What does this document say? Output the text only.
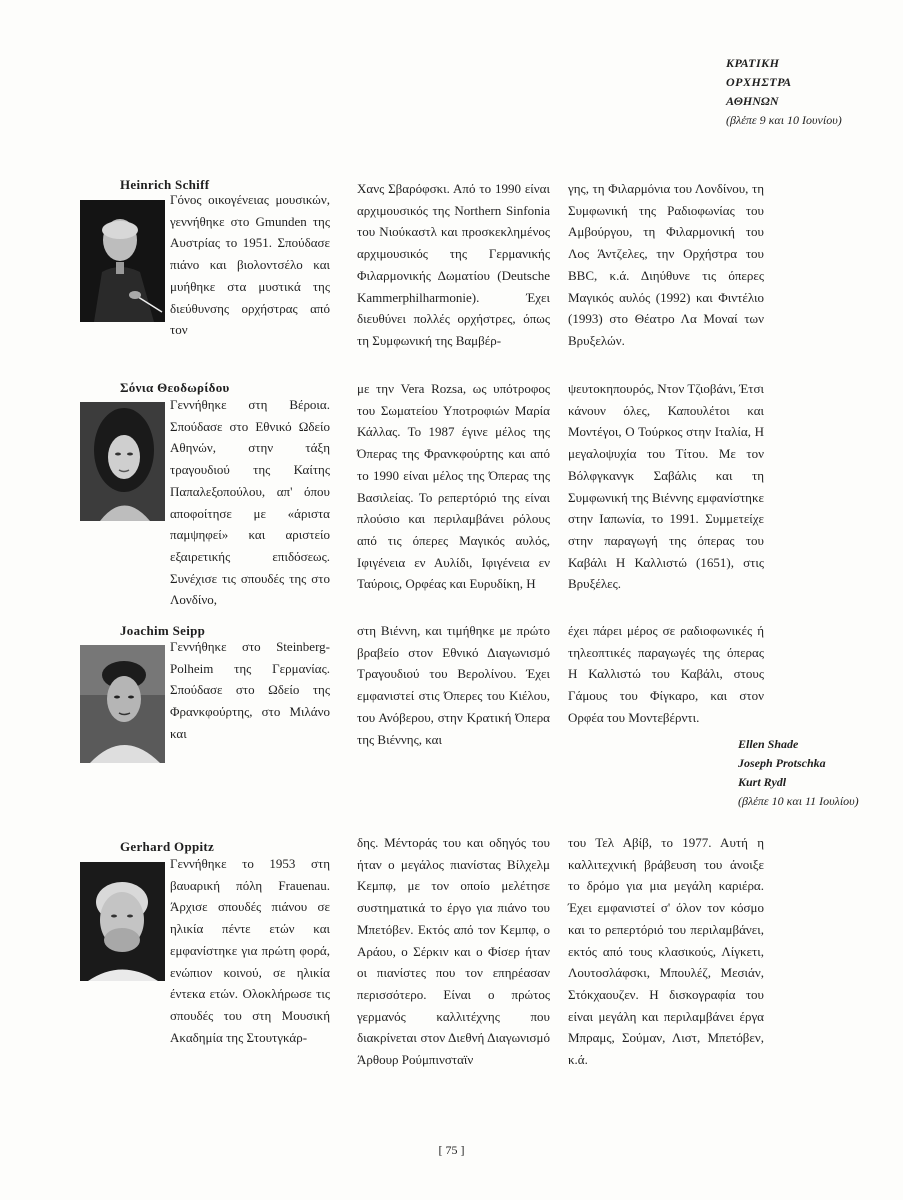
ΚΡΑΤΙΚΗ ΟΡΧΗΣΤΡΑ
ΑΘΗΝΩΝ
(βλέπε 9 και 10 Ιουνίου)
Heinrich Schiff

Γόνος οικογένειας μουσικών, γεννήθηκε στο Gmunden της Αυστρίας το 1951. Σπούδασε πιάνο και βιολοντσέλο και μυήθηκε στα μυστικά της διεύθυνσης ορχήστρας από τον

Χανς Σβαρόφσκι. Από το 1990 είναι αρχιμουσικός της Northern Sinfonia του Νιούκαστλ και προσκεκλημένος αρχιμουσικός της Γερμανικής Φιλαρμονικής Δωματίου (Deutsche Kammerphilharmonie). Έχει διευθύνει πολλές ορχήστρες, όπως τη Συμφωνική της Βαμβέρ-

γης, τη Φιλαρμόνια του Λονδίνου, τη Συμφωνική της Ραδιοφωνίας του Αμβούργου, τη Φιλαρμονική του Λος Άντζελες, την Ορχήστρα του BBC, κ.ά. Διηύθυνε τις όπερες Μαγικός αυλός (1992) και Φιντέλιο (1993) στο Θέατρο Λα Μοναί των Βρυξελών.

Σόνια Θεοδωρίδου

Γεννήθηκε στη Βέροια. Σπούδασε στο Εθνικό Ωδείο Αθηνών, στην τάξη τραγουδιού της Καίτης Παπαλεξοπούλου, απ' όπου αποφοίτησε με «άριστα παμψηφεί» και αριστείο εξαιρετικής επιδόσεως. Συνέχισε τις σπουδές της στο Λονδίνο,

με την Vera Rozsa, ως υπότροφος του Σωματείου Υποτροφιών Μαρία Κάλλας. Το 1987 έγινε μέλος της Όπερας της Φρανκφούρτης και από το 1990 είναι μέλος της Όπερας της Βασιλείας. Το ρεπερτόριό της είναι πλούσιο και περιλαμβάνει ρόλους από τις όπερες Μαγικός αυλός, Ιφιγένεια εν Αυλίδι, Ιφιγένεια εν Ταύροις, Ορφέας και Ευρυδίκη, Η

ψευτοκηπουρός, Ντον Τζιοβάνι, Έτσι κάνουν όλες, Καπουλέτοι και Μοντέγοι, Ο Τούρκος στην Ιταλία, Η μεγαλοψυχία του Τίτου. Με τον Βόλφγκανγκ Σαβάλις και τη Συμφωνική της Βιέννης εμφανίστηκε στην Ιαπωνία, το 1991. Συμμετείχε στην παραγωγή της όπερας του Καβάλι Η Καλλιστώ (1651), στις Βρυξέλες.

Joachim Seipp

Γεννήθηκε στο Steinberg-Polheim της Γερμανίας. Σπούδασε στο Ωδείο της Φρανκφούρτης, στο Μιλάνο και

στη Βιέννη, και τιμήθηκε με πρώτο βραβείο στον Εθνικό Διαγωνισμό Τραγουδιού του Βερολίνου. Έχει εμφανιστεί στις Όπερες του Κιέλου, του Ανόβερου, στην Κρατική Όπερα της Βιέννης, και

έχει πάρει μέρος σε ραδιοφωνικές ή τηλεοπτικές παραγωγές της όπερας Η Καλλιστώ του Καβάλι, στους Γάμους του Φίγκαρο, και στον Ορφέα του Μοντεβέρντι.

Ellen Shade
Joseph Protschka
Kurt Rydl
(βλέπε 10 και 11 Ιουλίου)
Gerhard Oppitz

Γεννήθηκε το 1953 στη βαυαρική πόλη Frauenau. Άρχισε σπουδές πιάνου σε ηλικία πέντε ετών και εμφανίστηκε για πρώτη φορά, ενώπιον κοινού, σε ηλικία έντεκα ετών. Ολοκλήρωσε τις σπουδές του στη Μουσική Ακαδημία της Στουτγκάρ-

δης. Μέντοράς του και οδηγός του ήταν ο μεγάλος πιανίστας Βίλχελμ Κεμπφ, με τον οποίο μελέτησε συστηματικά το έργο για πιάνο του Μπετόβεν. Εκτός από τον Κεμπφ, ο Αράου, ο Σέρκιν και ο Φίσερ ήταν οι πιανίστες που τον επηρέασαν περισσότερο. Είναι ο πρώτος γερμανός καλλιτέχνης που διακρίνεται στον Διεθνή Διαγωνισμό Άρθουρ Ρούμπινσταϊν

του Τελ Αβίβ, το 1977. Αυτή η καλλιτεχνική βράβευση του άνοιξε το δρόμο για μια μεγάλη καριέρα. Έχει εμφανιστεί σ' όλον τον κόσμο και το ρεπερτόριό του περιλαμβάνει, εκτός από τους κλασικούς, Λίγκετι, Λουτοσλάφσκι, Μπουλέζ, Μεσιάν, Στόκχαουζεν. Η δισκογραφία του είναι μεγάλη και περιλαμβάνει έργα Μπραμς, Σούμαν, Λιστ, Μπετόβεν, κ.ά.

[ 75 ]
